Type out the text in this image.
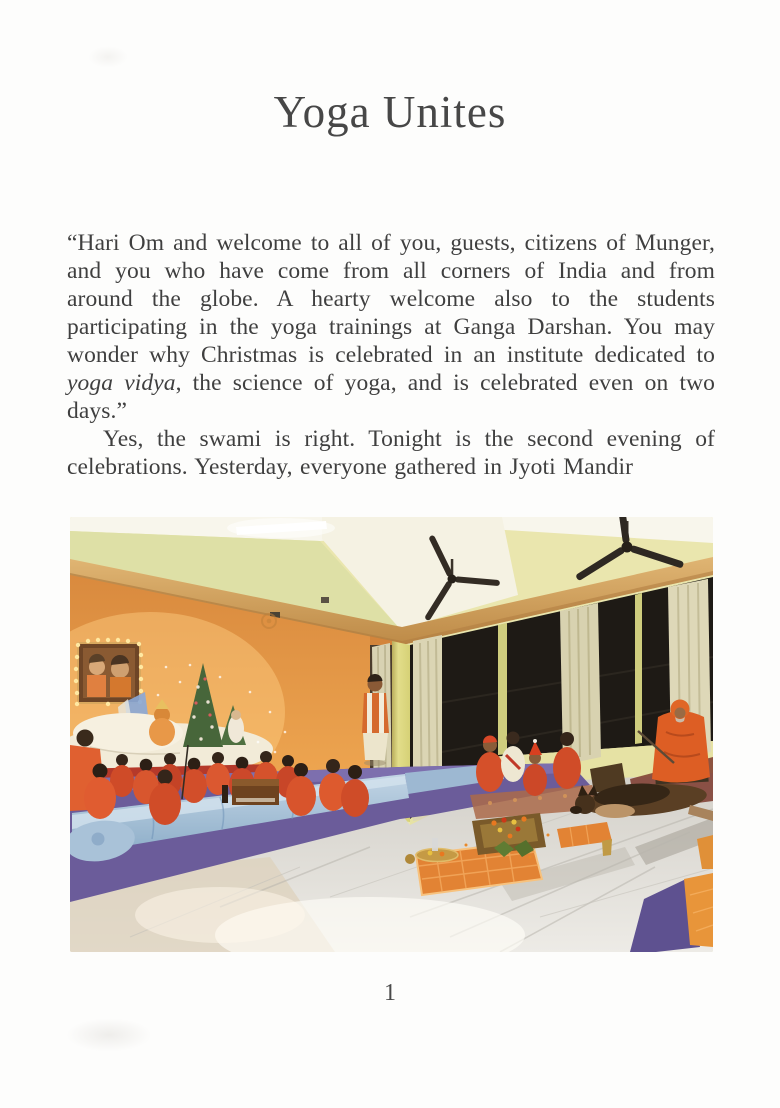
Yoga Unites

“Hari Om and welcome to all of you, guests, citizens of Munger, and you who have come from all corners of India and from around the globe. A hearty welcome also to the students participating in the yoga trainings at Ganga Darshan. You may wonder why Christmas is celebrated in an institute dedicated to yoga vidya, the science of yoga, and is celebrated even on two days.”

Yes, the swami is right. Tonight is the second evening of celebrations. Yesterday, everyone gathered in Jyoti Mandir

1
